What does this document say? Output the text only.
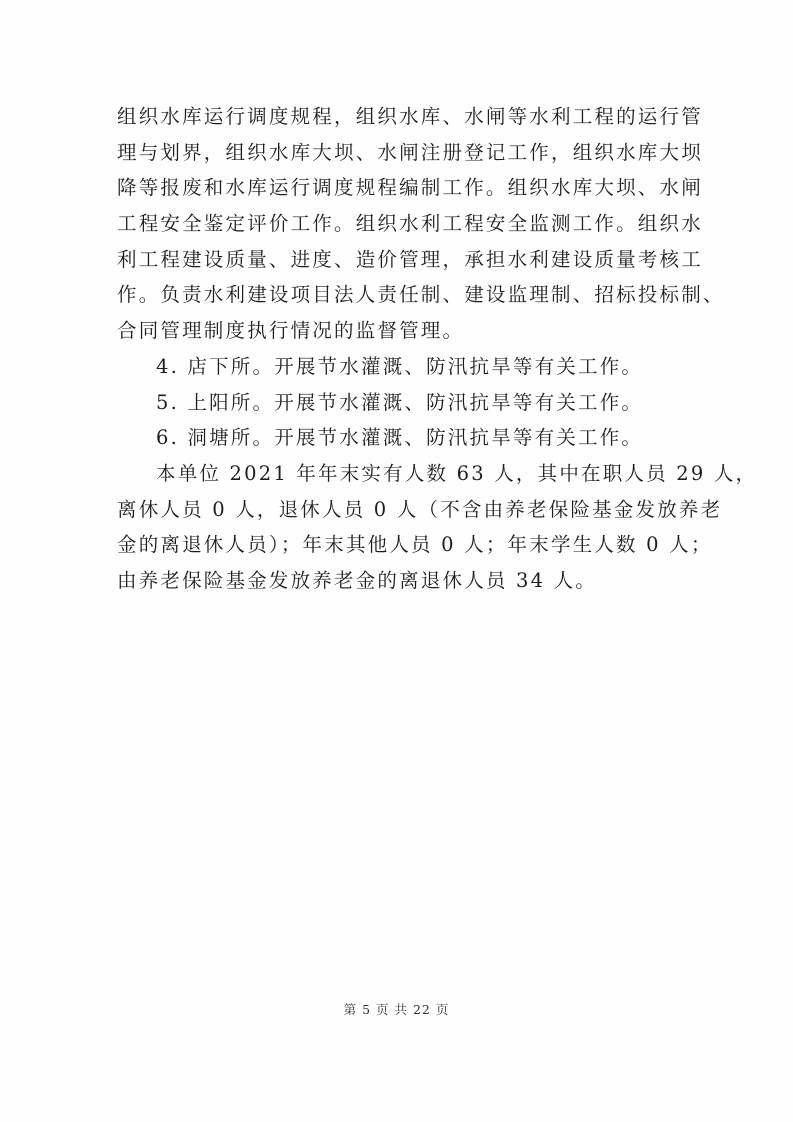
组织水库运行调度规程，组织水库、水闸等水利工程的运行管

理与划界，组织水库大坝、水闸注册登记工作，组织水库大坝

降等报废和水库运行调度规程编制工作。组织水库大坝、水闸

工程安全鉴定评价工作。组织水利工程安全监测工作。组织水

利工程建设质量、进度、造价管理，承担水利建设质量考核工

作。负责水利建设项目法人责任制、建设监理制、招标投标制、

合同管理制度执行情况的监督管理。

4. 店下所。开展节水灌溉、防汛抗旱等有关工作。

5. 上阳所。开展节水灌溉、防汛抗旱等有关工作。

6. 洞塘所。开展节水灌溉、防汛抗旱等有关工作。

本单位 2021 年年末实有人数 63 人，其中在职人员 29 人，

离休人员 0 人，退休人员 0 人（不含由养老保险基金发放养老

金的离退休人员）；年末其他人员 0 人；年末学生人数 0 人；

由养老保险基金发放养老金的离退休人员 34 人。

第 5 页 共 22 页
